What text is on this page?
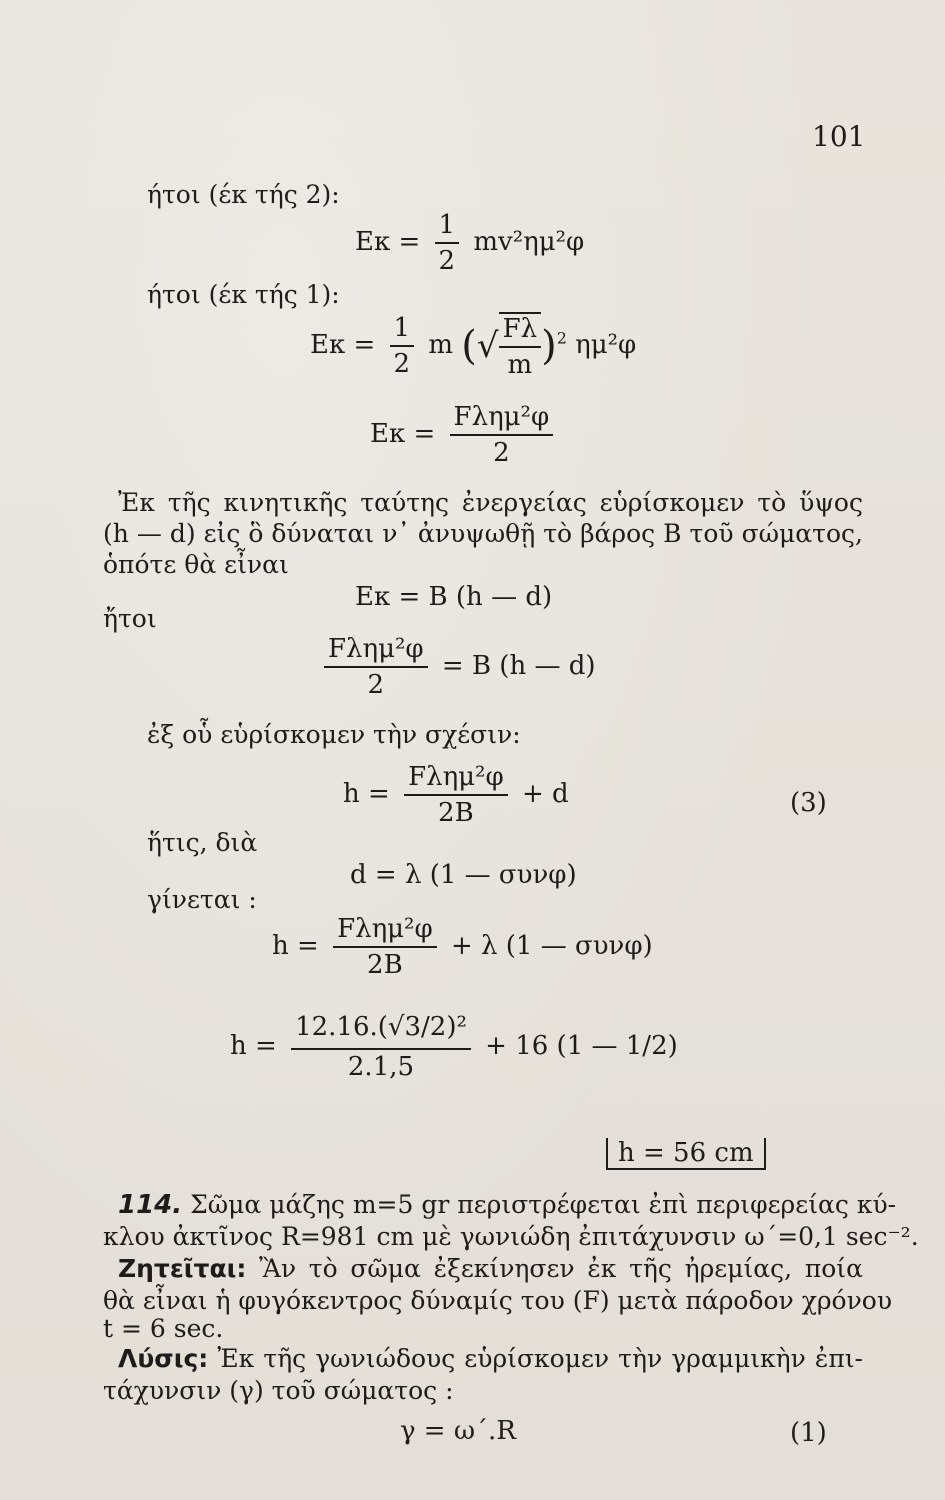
101
ήτοι (έκ τής 2):
$E\kappa = \frac{1}{2} mv^2\eta\mu^2\varphi$
ήτοι (έκ τής 1):
$E\kappa = \frac{1}{2}$ m (√ $\frac{F\lambda}{m} )^2$ ημ²φ
$E\kappa = \frac{\text{Fλημ²φ}}{2}$
Ἐκ τῆς κινητικῆς ταύτης ἐνεργείας εὑρίσκομεν τὸ ὕψος
(h — d) εἰς ὃ δύναται ν᾽ ἀνυψωθῇ τὸ βάρος B τοῦ σώματος,
ὁπότε θὰ εἶναι
Eκ = B (h — d)
ἤτοι
$\frac{\text{Fλημ²φ}}{2} = B$ (h — d)
ἐξ οὗ εὑρίσκομεν τὴν σχέσιν:
$h = \frac{\text{Fλημ²φ}}{2B} + d$	(3)
ἥτις, διὰ
d = λ (1 — συνφ)
γίνεται :
$h = \frac{\text{Fλημ²φ}}{2B} + \lambda$ (1 — συνφ)
$h = \frac{\text{12.16.(√3/2)²}}{2.1,5} + 16$ (1 — 1/2)
h = 56 cm
114. Σῶμα μάζης m=5 gr περιστρέφεται ἐπὶ περιφερείας κύ-
κλου ἀκτῖνος R=981 cm μὲ γωνιώδη ἐπιτάχυνσιν ω΄=0,1 sec⁻².
Ζητεῖται: Ἂν τὸ σῶμα ἐξεκίνησεν ἐκ τῆς ἠρεμίας, ποία
θὰ εἶναι ἡ φυγόκεντρος δύναμίς του (F) μετὰ πάροδον χρόνου
t = 6 sec.
Λύσις: Ἐκ τῆς γωνιώδους εὑρίσκομεν τὴν γραμμικὴν ἐπι-
τάχυνσιν (γ) τοῦ σώματος :
γ = ω΄.R	(1)
